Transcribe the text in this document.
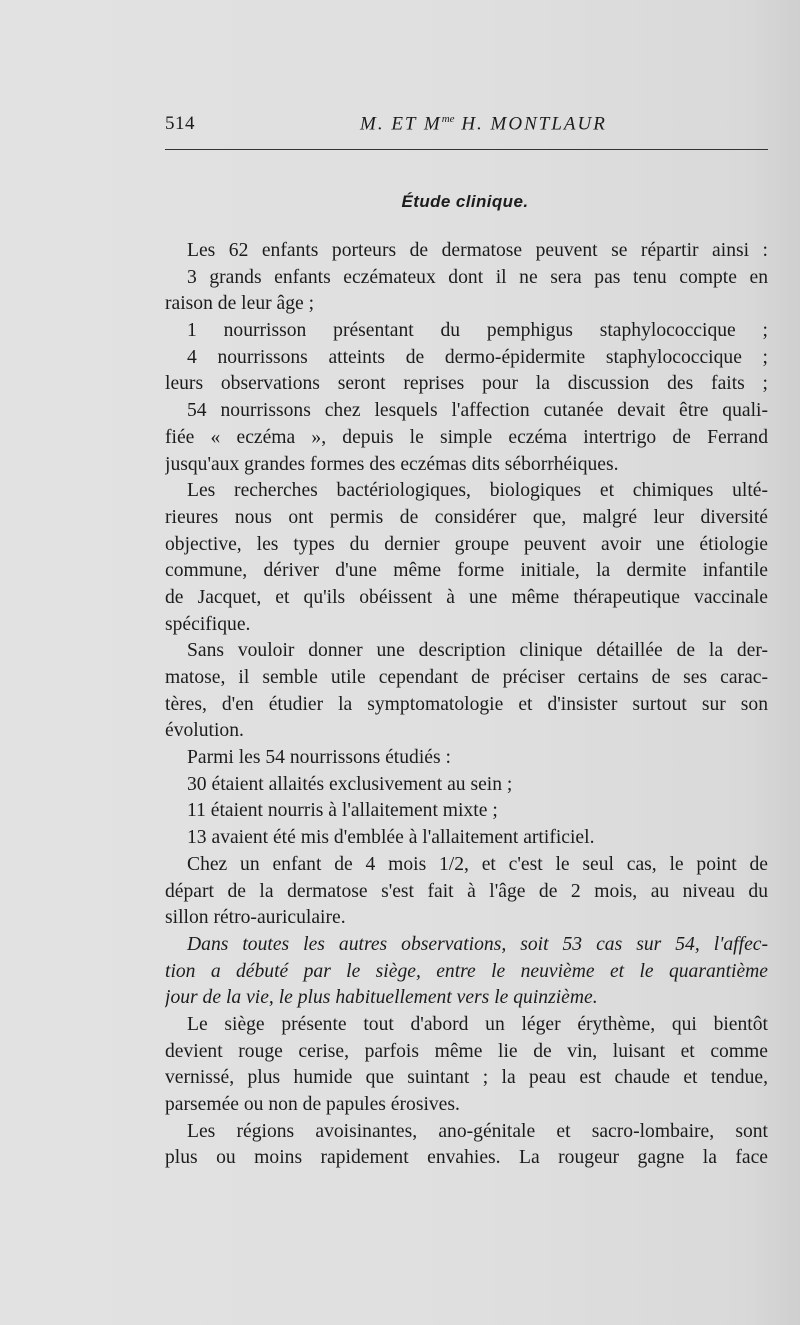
514	M. ET $M^{me}$ H. MONTLAUR
Étude clinique.
Les 62 enfants porteurs de dermatose peuvent se répartir ainsi :
3 grands enfants eczémateux dont il ne sera pas tenu compte en
raison de leur âge ;
1 nourrisson présentant du pemphigus staphylococcique ;
4 nourrissons atteints de dermo-épidermite staphylococcique ;
leurs observations seront reprises pour la discussion des faits ;
54 nourrissons chez lesquels l'affection cutanée devait être quali-
fiée « eczéma », depuis le simple eczéma intertrigo de Ferrand
jusqu'aux grandes formes des eczémas dits séborrhéiques.
Les recherches bactériologiques, biologiques et chimiques ulté-
rieures nous ont permis de considérer que, malgré leur diversité
objective, les types du dernier groupe peuvent avoir une étiologie
commune, dériver d'une même forme initiale, la dermite infantile
de Jacquet, et qu'ils obéissent à une même thérapeutique vaccinale
spécifique.
Sans vouloir donner une description clinique détaillée de la der-
matose, il semble utile cependant de préciser certains de ses carac-
tères, d'en étudier la symptomatologie et d'insister surtout sur son
évolution.
Parmi les 54 nourrissons étudiés :
30 étaient allaités exclusivement au sein ;
11 étaient nourris à l'allaitement mixte ;
13 avaient été mis d'emblée à l'allaitement artificiel.
Chez un enfant de 4 mois 1/2, et c'est le seul cas, le point de
départ de la dermatose s'est fait à l'âge de 2 mois, au niveau du
sillon rétro-auriculaire.
Dans toutes les autres observations, soit 53 cas sur 54, l'affec-
tion a débuté par le siège, entre le neuvième et le quarantième
jour de la vie, le plus habituellement vers le quinzième.
Le siège présente tout d'abord un léger érythème, qui bientôt
devient rouge cerise, parfois même lie de vin, luisant et comme
vernissé, plus humide que suintant ; la peau est chaude et tendue,
parsemée ou non de papules érosives.
Les régions avoisinantes, ano-génitale et sacro-lombaire, sont
plus ou moins rapidement envahies. La rougeur gagne la face
